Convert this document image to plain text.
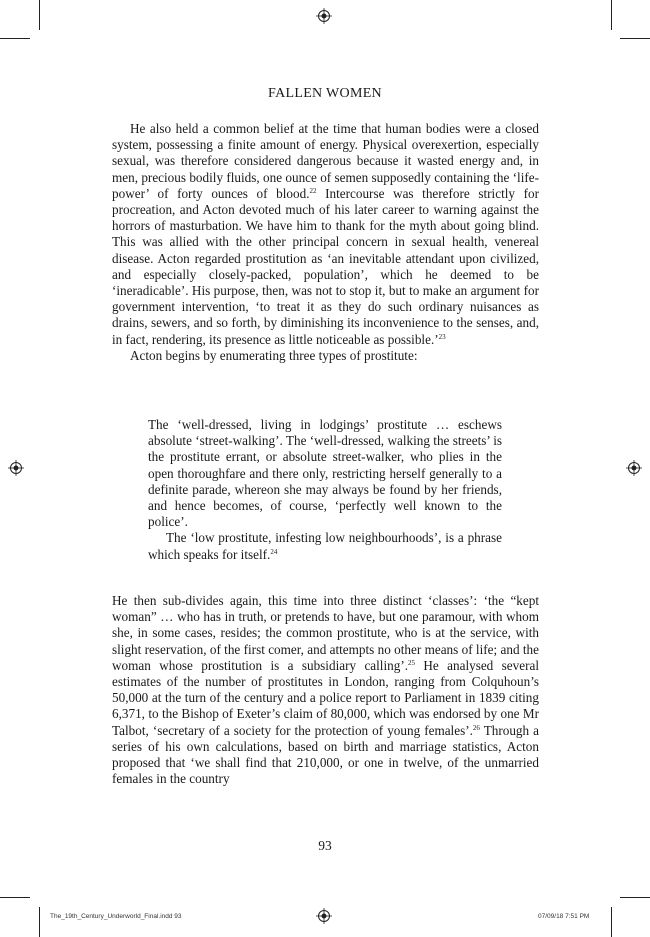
FALLEN WOMEN

He also held a common belief at the time that human bodies were a closed system, possessing a finite amount of energy. Physical overexertion, especially sexual, was therefore considered dangerous because it wasted energy and, in men, precious bodily fluids, one ounce of semen supposedly containing the ‘life-power’ of forty ounces of blood.$^{22}$ Intercourse was therefore strictly for procreation, and Acton devoted much of his later career to warning against the horrors of masturbation. We have him to thank for the myth about going blind. This was allied with the other principal concern in sexual health, venereal disease. Acton regarded prostitution as ‘an inevitable attendant upon civilized, and especially closely-packed, population’, which he deemed to be ‘ineradicable’. His purpose, then, was not to stop it, but to make an argument for government intervention, ‘to treat it as they do such ordinary nuisances as drains, sewers, and so forth, by diminishing its inconvenience to the senses, and, in fact, rendering, its presence as little noticeable as possible.’$^{23}$

Acton begins by enumerating three types of prostitute:

The ‘well-dressed, living in lodgings’ prostitute … eschews absolute ‘street-walking’. The ‘well-dressed, walking the streets’ is the prostitute errant, or absolute street-walker, who plies in the open thoroughfare and there only, restricting herself generally to a definite parade, whereon she may always be found by her friends, and hence becomes, of course, ‘perfectly well known to the police’.

The ‘low prostitute, infesting low neighbourhoods’, is a phrase which speaks for itself.$^{24}$

He then sub-divides again, this time into three distinct ‘classes’: ‘the “kept woman” … who has in truth, or pretends to have, but one paramour, with whom she, in some cases, resides; the common prostitute, who is at the service, with slight reservation, of the first comer, and attempts no other means of life; and the woman whose prostitution is a subsidiary calling’.$^{25}$ He analysed several estimates of the number of prostitutes in London, ranging from Colquhoun’s 50,000 at the turn of the century and a police report to Parliament in 1839 citing 6,371, to the Bishop of Exeter’s claim of 80,000, which was endorsed by one Mr Talbot, ‘secretary of a society for the protection of young females’.$^{26}$ Through a series of his own calculations, based on birth and marriage statistics, Acton proposed that ‘we shall find that 210,000, or one in twelve, of the unmarried females in the country

93
The_19th_Century_Underworld_Final.indd 93	07/09/18 7:51 PM
